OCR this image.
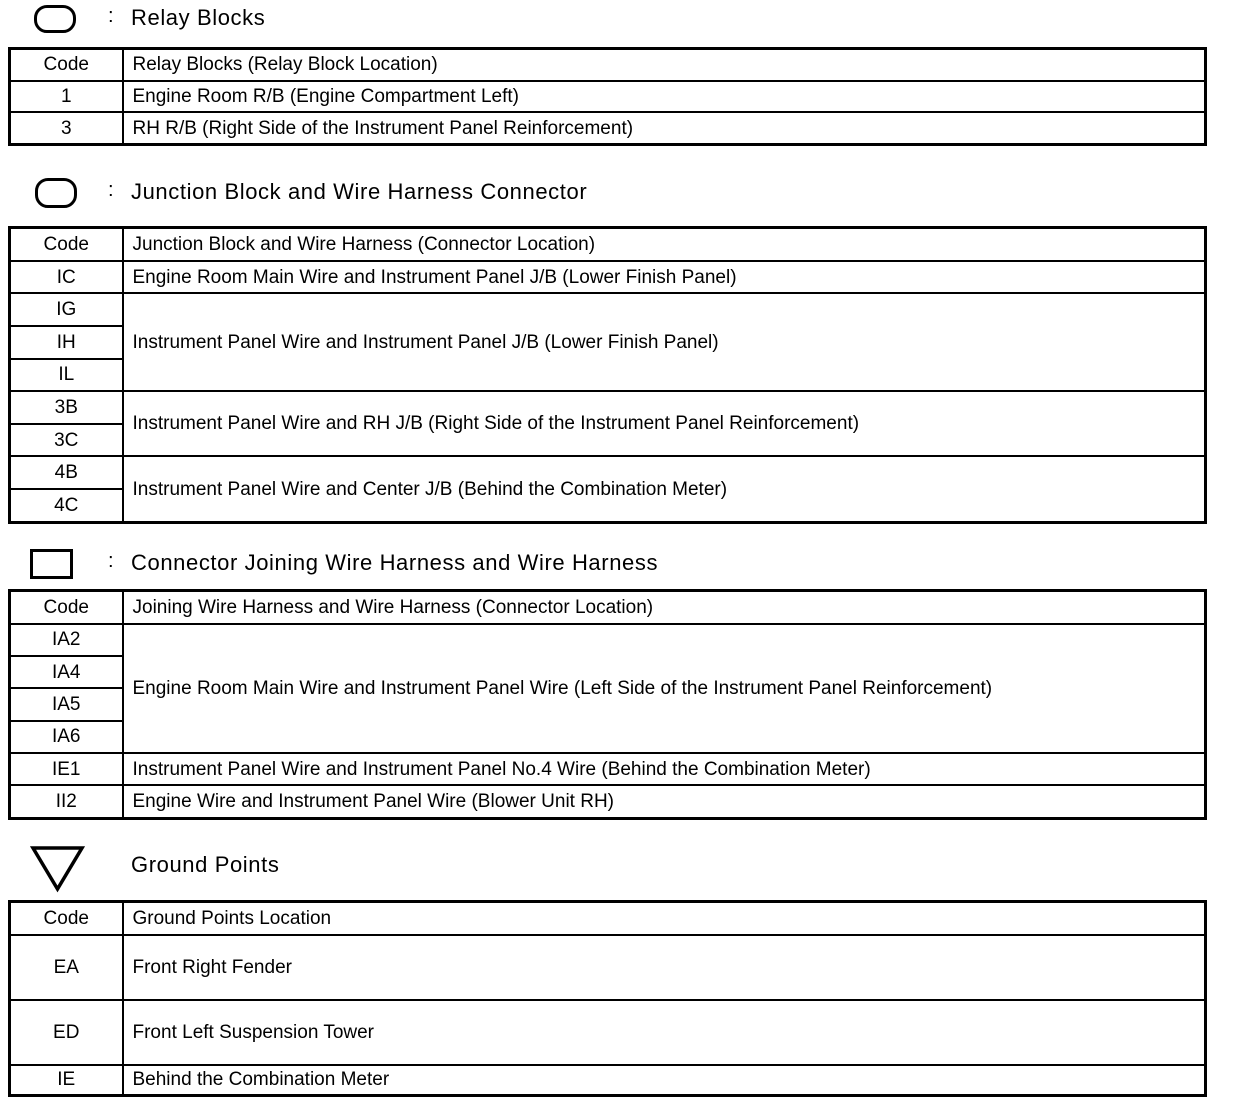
: Relay Blocks
Code	Relay Blocks (Relay Block Location)
1	Engine Room R/B (Engine Compartment Left)
3	RH R/B (Right Side of the Instrument Panel Reinforcement)
: Junction Block and Wire Harness Connector
Code	Junction Block and Wire Harness (Connector Location)
IC	Engine Room Main Wire and Instrument Panel J/B (Lower Finish Panel)
IG	Instrument Panel Wire and Instrument Panel J/B (Lower Finish Panel)
IH	
IL	
3B	Instrument Panel Wire and RH J/B (Right Side of the Instrument Panel Reinforcement)
3C	
4B	Instrument Panel Wire and Center J/B (Behind the Combination Meter)
4C	
: Connector Joining Wire Harness and Wire Harness
Code	Joining Wire Harness and Wire Harness (Connector Location)
IA2	Engine Room Main Wire and Instrument Panel Wire (Left Side of the Instrument Panel Reinforcement)
IA4	
IA5	
IA6	
IE1	Instrument Panel Wire and Instrument Panel No.4 Wire (Behind the Combination Meter)
II2	Engine Wire and Instrument Panel Wire (Blower Unit RH)
Ground Points
Code	Ground Points Location
EA	Front Right Fender
ED	Front Left Suspension Tower
IE	Behind the Combination Meter
